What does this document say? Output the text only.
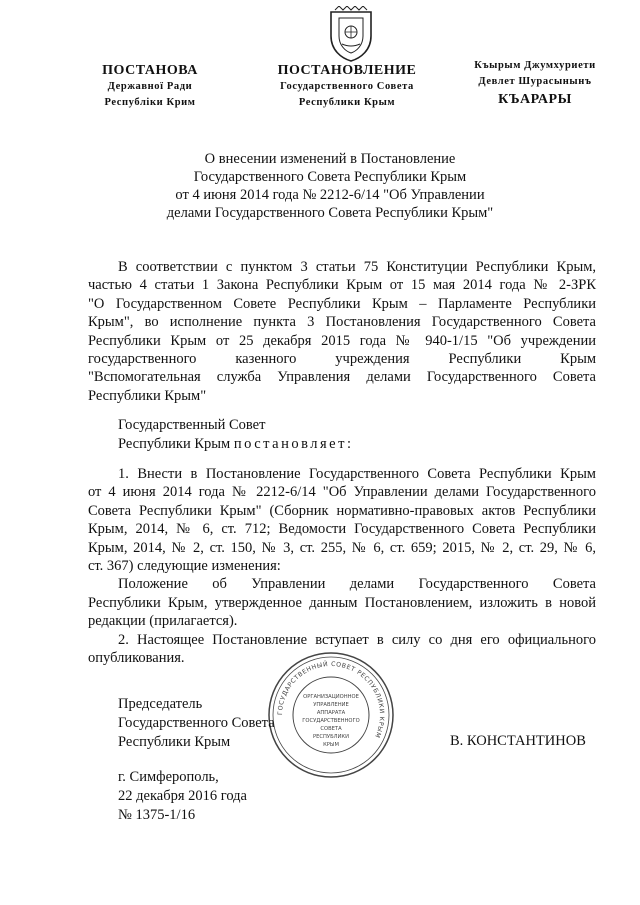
ПОСТАНОВА
Державної Ради
Республіки Крим
ПОСТАНОВЛЕНИЕ
Государственного Совета
Республики Крым
Къырым Джумхуриети
Девлет Шурасынынъ
КЪАРАРЫ
О внесении изменений в Постановление
Государственного Совета Республики Крым
от 4 июня 2014 года № 2212-6/14 "Об Управлении
делами Государственного Совета Республики Крым"
В соответствии с пунктом 3 статьи 75 Конституции Республики Крым,
частью 4 статьи 1 Закона Республики Крым от 15 мая 2014 года № 2-ЗРК
"О Государственном Совете Республики Крым – Парламенте Республики
Крым", во исполнение пункта 3 Постановления Государственного Совета
Республики Крым от 25 декабря 2015 года № 940-1/15 "Об учреждении
государственного казенного учреждения Республики Крым
"Вспомогательная служба Управления делами Государственного Совета
Республики Крым"
Государственный Совет
Республики Крым постановляет:
1. Внести в Постановление Государственного Совета Республики Крым
от 4 июня 2014 года № 2212-6/14 "Об Управлении делами Государственного
Совета Республики Крым" (Сборник нормативно-правовых актов Республики
Крым, 2014, № 6, ст. 712; Ведомости Государственного Совета Республики
Крым, 2014, № 2, ст. 150, № 3, ст. 255, № 6, ст. 659; 2015, № 2, ст. 29, № 6,
ст. 367) следующие изменения:
Положение об Управлении делами Государственного Совета
Республики Крым, утвержденное данным Постановлением, изложить в новой
редакции (прилагается).
2. Настоящее Постановление вступает в силу со дня его официального
опубликования.
ГОСУДАРСТВЕННЫЙ СОВЕТ РЕСПУБЛИКИ КРЫМ
ОРГАНИЗАЦИОННОЕ
УПРАВЛЕНИЕ
АППАРАТА
ГОСУДАРСТВЕННОГО
СОВЕТА
РЕСПУБЛИКИ
КРЫМ
Председатель
Государственного Совета
Республики Крым	В. КОНСТАНТИНОВ
г. Симферополь,
22 декабря 2016 года
№ 1375-1/16
